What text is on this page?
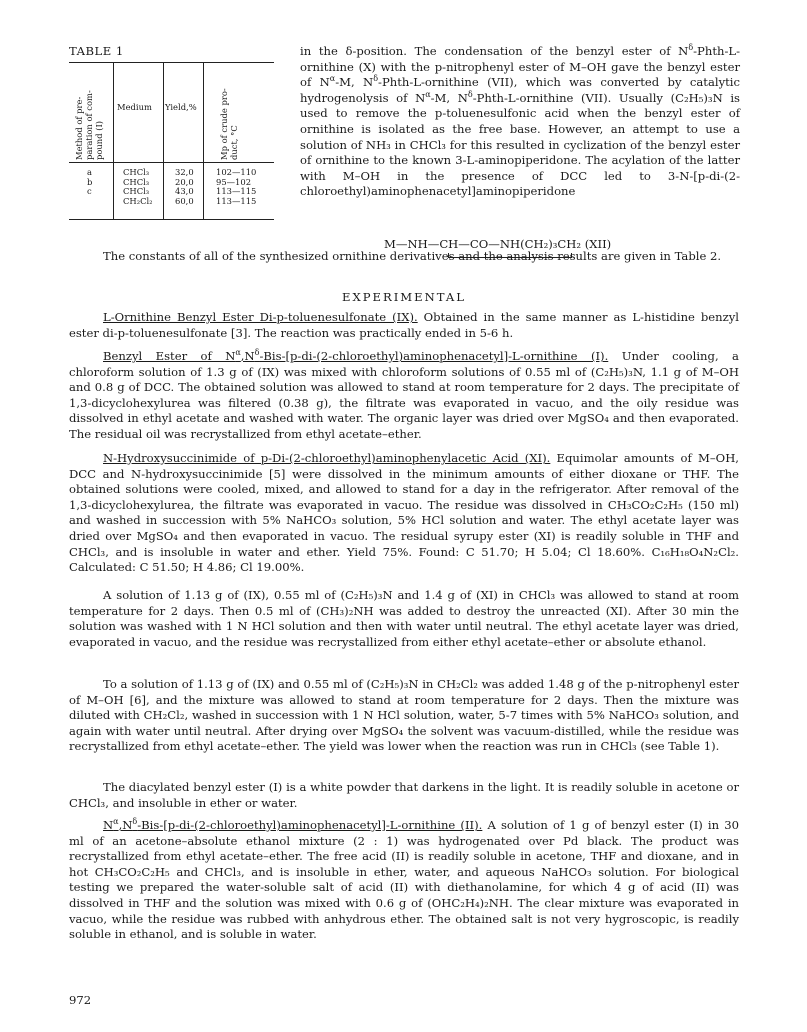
TABLE 1
Method of pre- paration of com- pound (I)
Medium Yield,%	Mp of crude pro- duct, °C
a
b
c
CHCl₃
CHCl₃
CHCl₃
CH₂Cl₂
32,0
20,0
43,0
60,0
102—110
95—102
113—115
113—115

in the δ-position. The condensation of the benzyl ester of $N^\delta-Phth-L$-ornithine (X) with the p-nitrophenyl ester of M–OH gave the benzyl ester of $N^\alpha-M$, $N^\delta-Phth-L$-ornithine (VII), which was converted by catalytic hydrogenolysis of $N^\alpha-M$, $N^\delta-Phth-L$-ornithine (VII). Usually (C₂H₅)₃N is used to remove the p-toluenesulfonic acid when the benzyl ester of ornithine is isolated as the free base. However, an attempt to use a solution of NH₃ in CHCl₃ for this resulted in cyclization of the benzyl ester of ornithine to the known 3-L-aminopiperidone. The acylation of the latter with M–OH in the presence of DCC led to 3-N-[p-di-(2-chloroethyl)aminophenacetyl]aminopiperidone

M—NH—CH—CO—NH(CH₂)₃CH₂ (XII)

The constants of all of the synthesized ornithine derivatives and the analysis results are given in Table 2.

EXPERIMENTAL

L-Ornithine Benzyl Ester Di-p-toluenesulfonate (IX). Obtained in the same manner as L-histidine benzyl ester di-p-toluenesulfonate [3]. The reaction was practically ended in 5-6 h.

Benzyl Ester of $N^\alpha,N^\delta-Bis-[p-di-(2-chloroethyl)aminophenacetyl]-L$-ornithine (I). Under cooling, a chloroform solution of 1.3 g of (IX) was mixed with chloroform solutions of 0.55 ml of (C₂H₅)₃N, 1.1 g of M–OH and 0.8 g of DCC. The obtained solution was allowed to stand at room temperature for 2 days. The precipitate of 1,3-dicyclohexylurea was filtered (0.38 g), the filtrate was evaporated in vacuo, and the oily residue was dissolved in ethyl acetate and washed with water. The organic layer was dried over MgSO₄ and then evaporated. The residual oil was recrystallized from ethyl acetate–ether.

N-Hydroxysuccinimide of p-Di-(2-chloroethyl)aminophenylacetic Acid (XI). Equimolar amounts of M–OH, DCC and N-hydroxysuccinimide [5] were dissolved in the minimum amounts of either dioxane or THF. The obtained solutions were cooled, mixed, and allowed to stand for a day in the refrigerator. After removal of the 1,3-dicyclohexylurea, the filtrate was evaporated in vacuo. The residue was dissolved in CH₃CO₂C₂H₅ (150 ml) and washed in succession with 5% NaHCO₃ solution, 5% HCl solution and water. The ethyl acetate layer was dried over MgSO₄ and then evaporated in vacuo. The residual syrupy ester (XI) is readily soluble in THF and CHCl₃, and is insoluble in water and ether. Yield 75%. Found: C 51.70; H 5.04; Cl 18.60%. C₁₆H₁₈O₄N₂Cl₂. Calculated: C 51.50; H 4.86; Cl 19.00%.

A solution of 1.13 g of (IX), 0.55 ml of (C₂H₅)₃N and 1.4 g of (XI) in CHCl₃ was allowed to stand at room temperature for 2 days. Then 0.5 ml of (CH₃)₂NH was added to destroy the unreacted (XI). After 30 min the solution was washed with 1 N HCl solution and then with water until neutral. The ethyl acetate layer was dried, evaporated in vacuo, and the residue was recrystallized from either ethyl acetate–ether or absolute ethanol.

To a solution of 1.13 g of (IX) and 0.55 ml of (C₂H₅)₃N in CH₂Cl₂ was added 1.48 g of the p-nitrophenyl ester of M–OH [6], and the mixture was allowed to stand at room temperature for 2 days. Then the mixture was diluted with CH₂Cl₂, washed in succession with 1 N HCl solution, water, 5-7 times with 5% NaHCO₃ solution, and again with water until neutral. After drying over MgSO₄ the solvent was vacuum-distilled, while the residue was recrystallized from ethyl acetate–ether. The yield was lower when the reaction was run in CHCl₃ (see Table 1).

The diacylated benzyl ester (I) is a white powder that darkens in the light. It is readily soluble in acetone or CHCl₃, and insoluble in ether or water.

$N^\alpha,N^\delta-Bis-[p-di-(2-chloroethyl)aminophenacetyl]-L$-ornithine (II). A solution of 1 g of benzyl ester (I) in 30 ml of an acetone–absolute ethanol mixture (2 : 1) was hydrogenated over Pd black. The product was recrystallized from ethyl acetate–ether. The free acid (II) is readily soluble in acetone, THF and dioxane, and in hot CH₃CO₂C₂H₅ and CHCl₃, and is insoluble in ether, water, and aqueous NaHCO₃ solution. For biological testing we prepared the water-soluble salt of acid (II) with diethanolamine, for which 4 g of acid (II) was dissolved in THF and the solution was mixed with 0.6 g of (OHC₂H₄)₂NH. The clear mixture was evaporated in vacuo, while the residue was rubbed with anhydrous ether. The obtained salt is not very hygroscopic, is readily soluble in ethanol, and is soluble in water.

972
